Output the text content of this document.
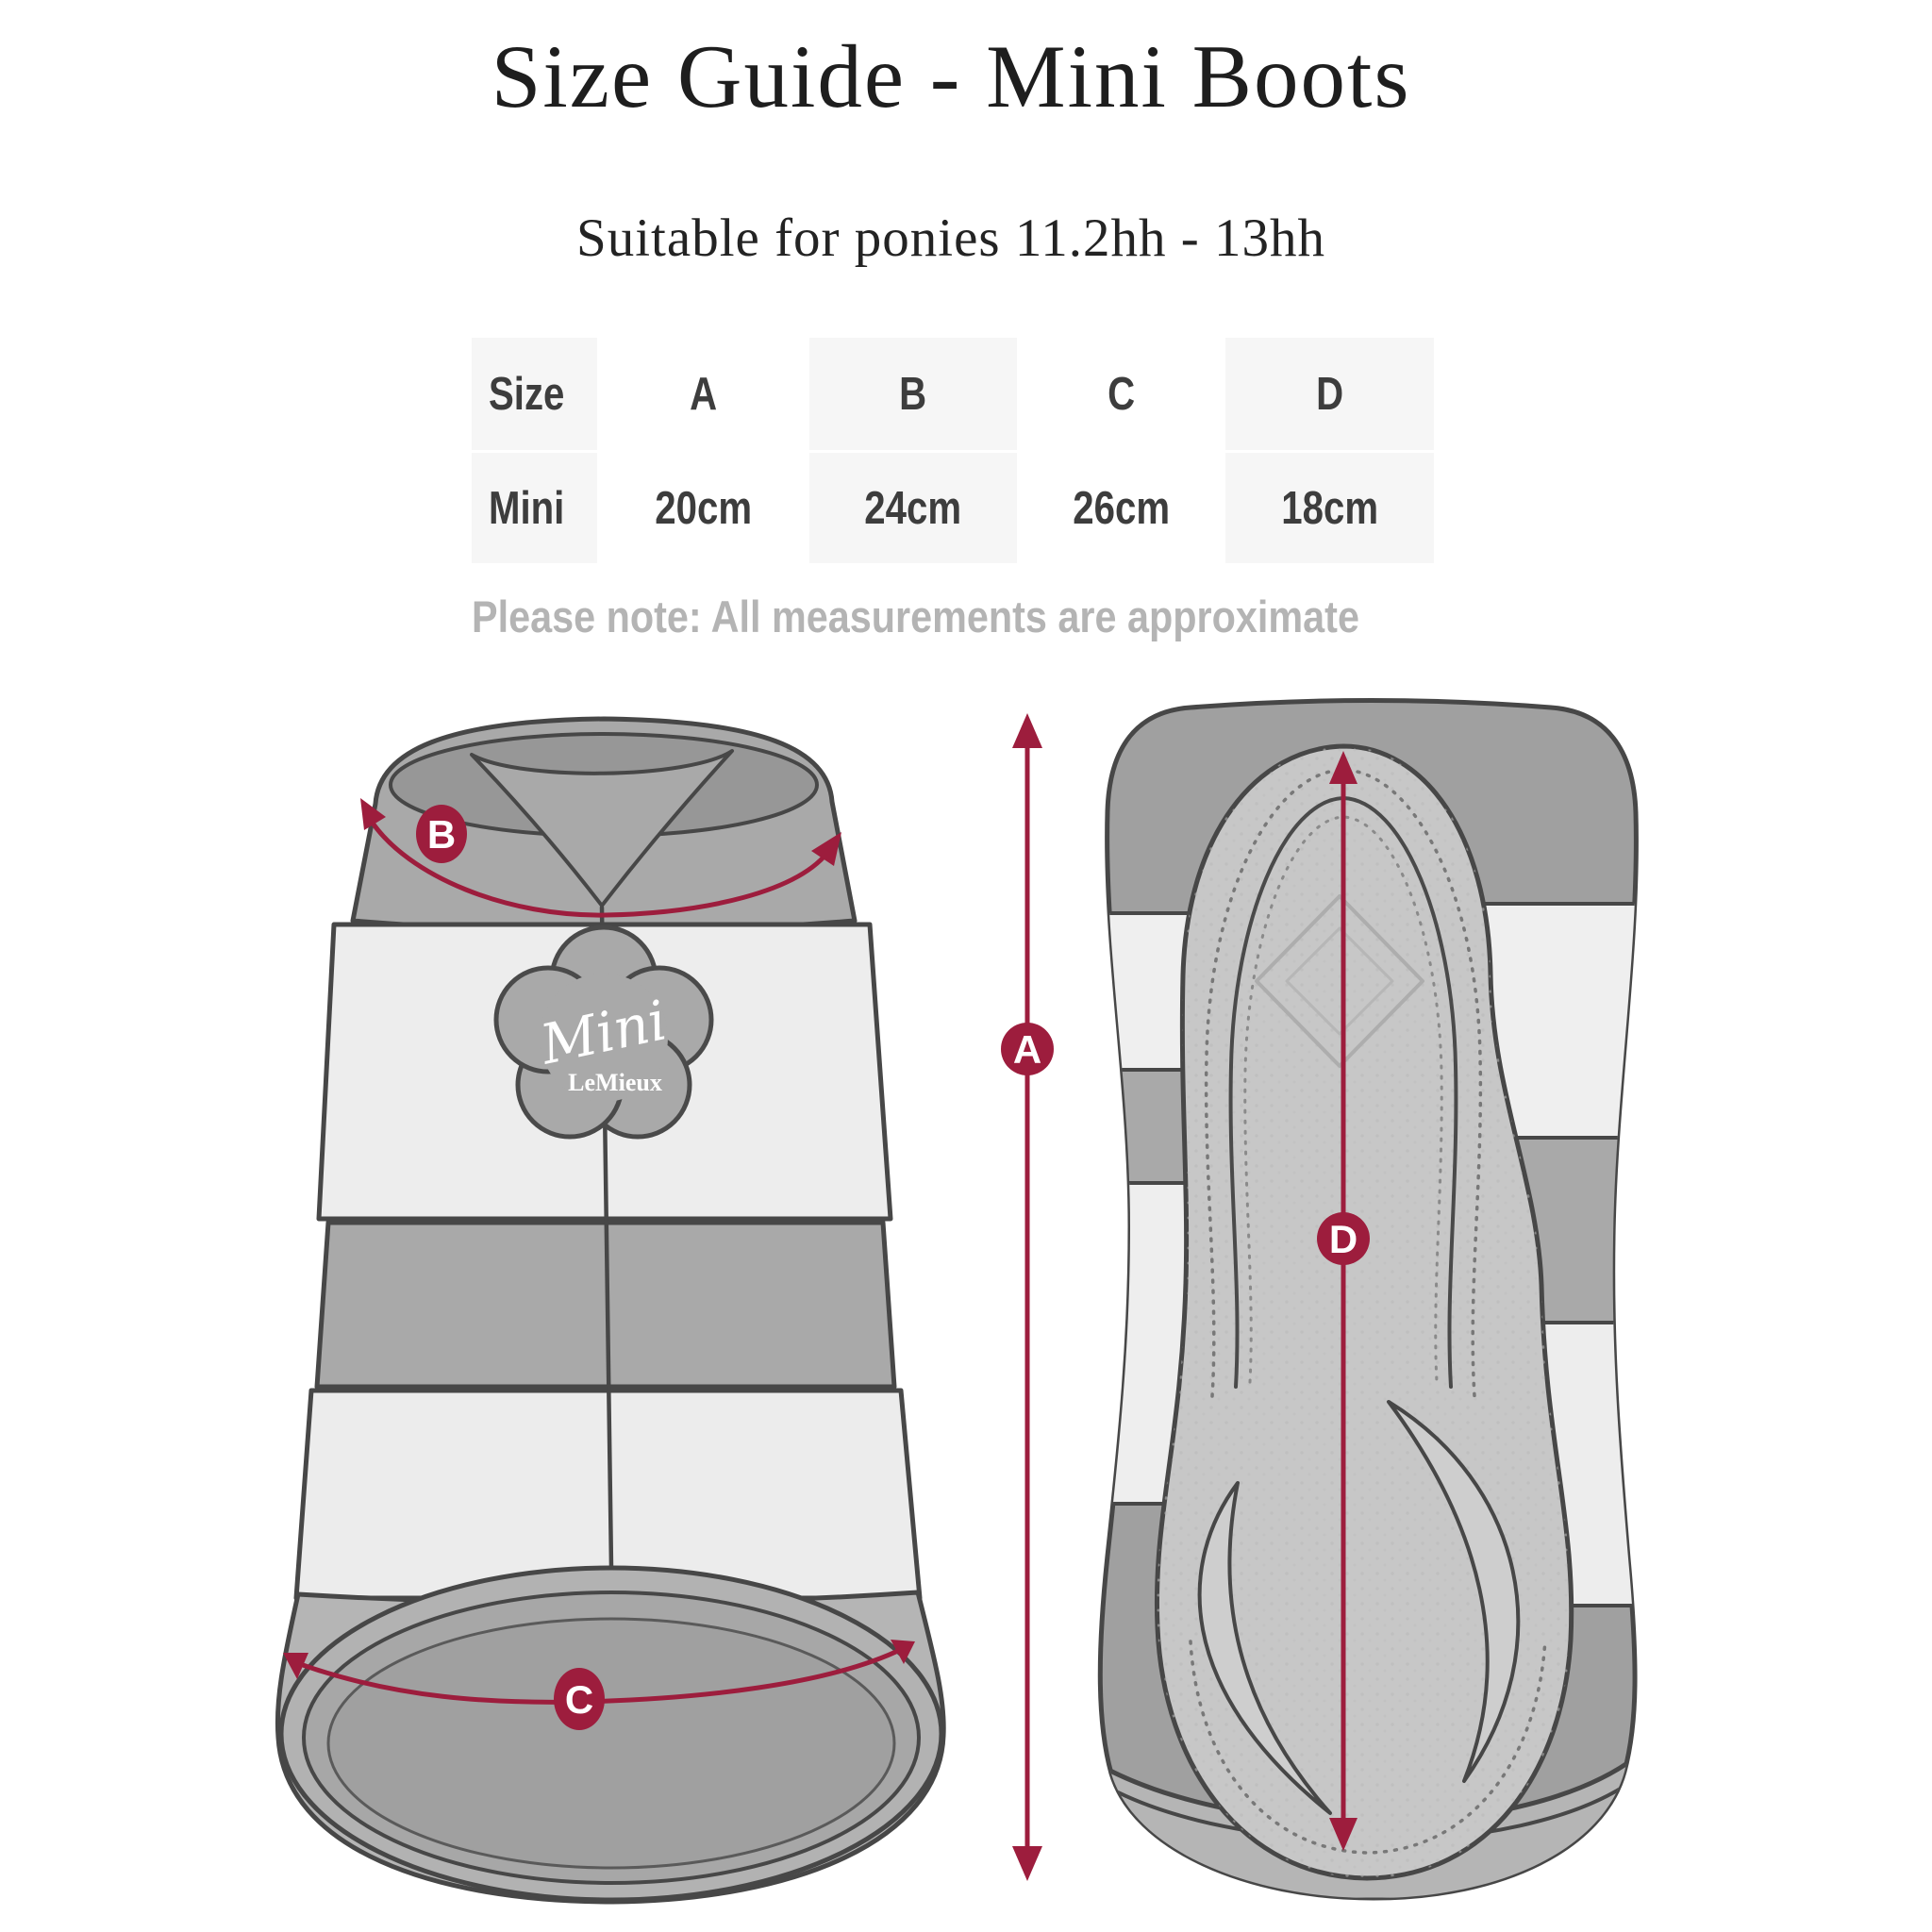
Size Guide - Mini Boots
Suitable for ponies 11.2hh - 13hh
Size	A	B	C	D
Mini 20cm 24cm 26cm 18cm
Please note: All measurements are approximate
Mini
LeMieux
B
C
A
D
